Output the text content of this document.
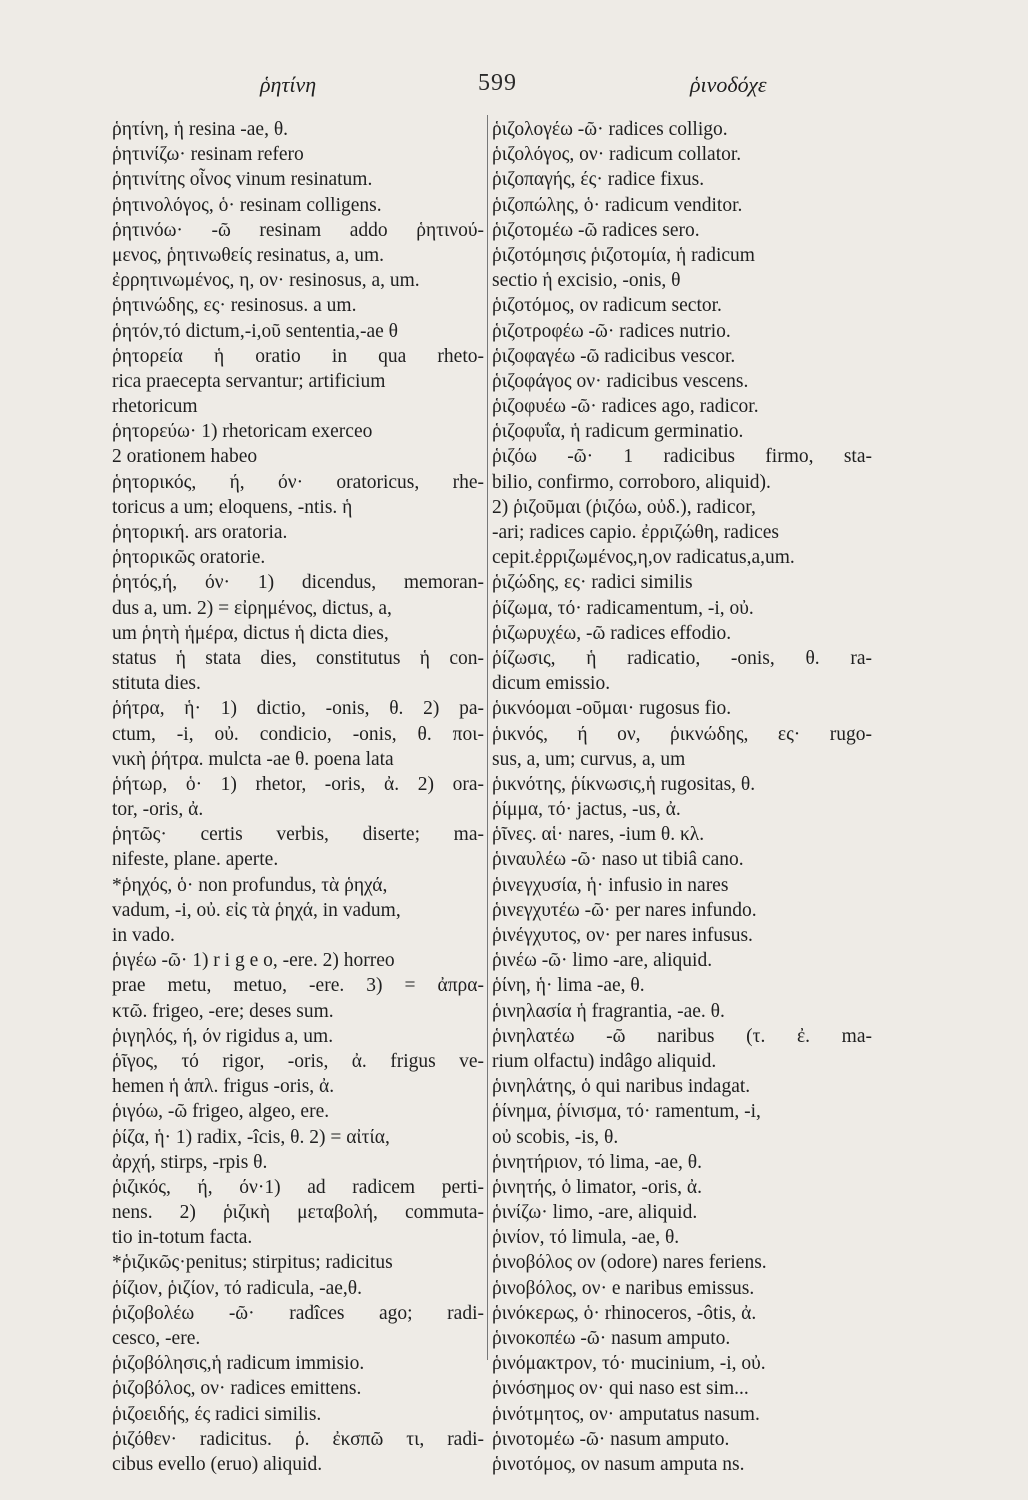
ῥητίνη	599	ῥινοδόχε
ῥητίνη, ἡ resina -ae, θ.
ῥητινίζω· resinam refero
ῥητινίτης οἶνος vinum resinatum.
ῥητινολόγος, ὁ· resinam colligens.
ῥητινόω· -ῶ resinam addo ῥητινού-
μενος, ῥητινωθείς resinatus, a, um.
ἐρρητινωμένος, η, ον· resinosus, a, um.
ῥητινώδης, ες· resinosus. a um.
ῥητόν,τό dictum,-i,οῦ sententia,-ae θ
ῥητορεία ἡ oratio in qua rheto-
rica praecepta servantur; artificium
rhetoricum
ῥητορεύω· 1) rhetoricam exerceo
2 orationem habeo
ῥητορικός, ή, όν· oratoricus, rhe-
toricus a um; eloquens, -ntis. ἡ
ῥητορική. ars oratoria.
ῥητορικῶς oratorie.
ῥητός,ή, όν· 1) dicendus, memoran-
dus a, um. 2) = εἰρημένος, dictus, a,
um ῥητὴ ἡμέρα, dictus ἡ dicta dies,
status ἡ stata dies, constitutus ἡ con-
stituta dies.
ῥήτρα, ἡ· 1) dictio, -onis, θ. 2) pa-
ctum, -i, οὐ. condicio, -onis, θ. ποι-
νικὴ ῥήτρα. mulcta -ae θ. poena lata
ῥήτωρ, ὁ· 1) rhetor, -oris, ἀ. 2) ora-
tor, -oris, ἀ.
ῥητῶς· certis verbis, diserte; ma-
nifeste, plane. aperte.
*ῥηχός, ὁ· non profundus, τὰ ῥηχά,
vadum, -i, οὐ. εἰς τὰ ῥηχά, in vadum,
in vado.
ῥιγέω -ῶ· 1) r i g e o, -ere. 2) horreo
prae metu, metuo, -ere. 3) = ἀπρα-
κτῶ. frigeo, -ere; deses sum.
ῥιγηλός, ή, όν rigidus a, um.
ῥῖγος, τό rigor, -oris, ἀ. frigus ve-
hemen ἡ ἁπλ. frigus -oris, ἀ.
ῥιγόω, -ῶ frigeo, algeo, ere.
ῥίζα, ἡ· 1) radix, -îcis, θ. 2) = αἰτία,
ἀρχή, stirps, -rpis θ.
ῥιζικός, ή, όν·1) ad radicem perti-
nens. 2) ῥιζικὴ μεταβολή, commuta-
tio in-totum facta.
*ῥιζικῶς·penitus; stirpitus; radicitus
ῥίζιον, ῥιζίον, τό radicula, -ae,θ.
ῥιζοβολέω -ῶ· radîces ago; radi-
cesco, -ere.
ῥιζοβόλησις,ἡ radicum immisio.
ῥιζοβόλος, ον· radices emittens.
ῥιζοειδής, ές radici similis.
ῥιζόθεν· radicitus. ῥ. ἐκσπῶ τι, radi-
cibus evello (eruo) aliquid.
ῥιζολογέω -ῶ· radices colligo.
ῥιζολόγος, ον· radicum collator.
ῥιζοπαγής, ές· radice fixus.
ῥιζοπώλης, ὁ· radicum venditor.
ῥιζοτομέω -ῶ radices sero.
ῥιζοτόμησις ῥιζοτομία, ἡ radicum
sectio ἡ excisio, -onis, θ
ῥιζοτόμος, ον radicum sector.
ῥιζοτροφέω -ῶ· radices nutrio.
ῥιζοφαγέω -ῶ radicibus vescor.
ῥιζοφάγος ον· radicibus vescens.
ῥιζοφυέω -ῶ· radices ago, radicor.
ῥιζοφυΐα, ἡ radicum germinatio.
ῥιζόω -ῶ· 1 radicibus firmo, sta-
bilio, confirmo, corroboro, aliquid).
2) ῥιζοῦμαι (ῥιζόω, οὐδ.), radicor,
-ari; radices capio. ἐρριζώθη, radices
cepit.ἐρριζωμένος,η,ον radicatus,a,um.
ῥιζώδης, ες· radici similis
ῥίζωμα, τό· radicamentum, -i, οὐ.
ῥιζωρυχέω, -ῶ radices effodio.
ῥίζωσις, ἡ radicatio, -onis, θ. ra-
dicum emissio.
ῥικνόομαι -οῦμαι· rugosus fio.
ῥικνός, ή ον, ῥικνώδης, ες· rugo-
sus, a, um; curvus, a, um
ῥικνότης, ῥίκνωσις,ἡ rugositas, θ.
ῥίμμα, τό· jactus, -us, ἀ.
ῥῖνες. αἱ· nares, -ium θ. κλ.
ῥιναυλέω -ῶ· naso ut tibiâ cano.
ῥινεγχυσία, ἡ· infusio in nares
ῥινεγχυτέω -ῶ· per nares infundo.
ῥινέγχυτος, ον· per nares infusus.
ῥινέω -ῶ· limo -are, aliquid.
ῥίνη, ἡ· lima -ae, θ.
ῥινηλασία ἡ fragrantia, -ae. θ.
ῥινηλατέω -ῶ naribus (τ. ἐ. ma-
rium olfactu) indâgo aliquid.
ῥινηλάτης, ὁ qui naribus indagat.
ῥίνημα, ῥίνισμα, τό· ramentum, -i,
οὐ scobis, -is, θ.
ῥινητήριον, τό lima, -ae, θ.
ῥινητής, ὁ limator, -oris, ἀ.
ῥινίζω· limo, -are, aliquid.
ῥινίον, τό limula, -ae, θ.
ῥινοβόλος ον (odore) nares feriens.
ῥινοβόλος, ον· e naribus emissus.
ῥινόκερως, ὁ· rhinoceros, -ôtis, ἀ.
ῥινοκοπέω -ῶ· nasum amputo.
ῥινόμακτρον, τό· mucinium, -i, οὐ.
ῥινόσημος ον· qui naso est sim...
ῥινότμητος, ον· amputatus nasum.
ῥινοτομέω -ῶ· nasum amputo.
ῥινοτόμος, ον nasum amputa ns.
